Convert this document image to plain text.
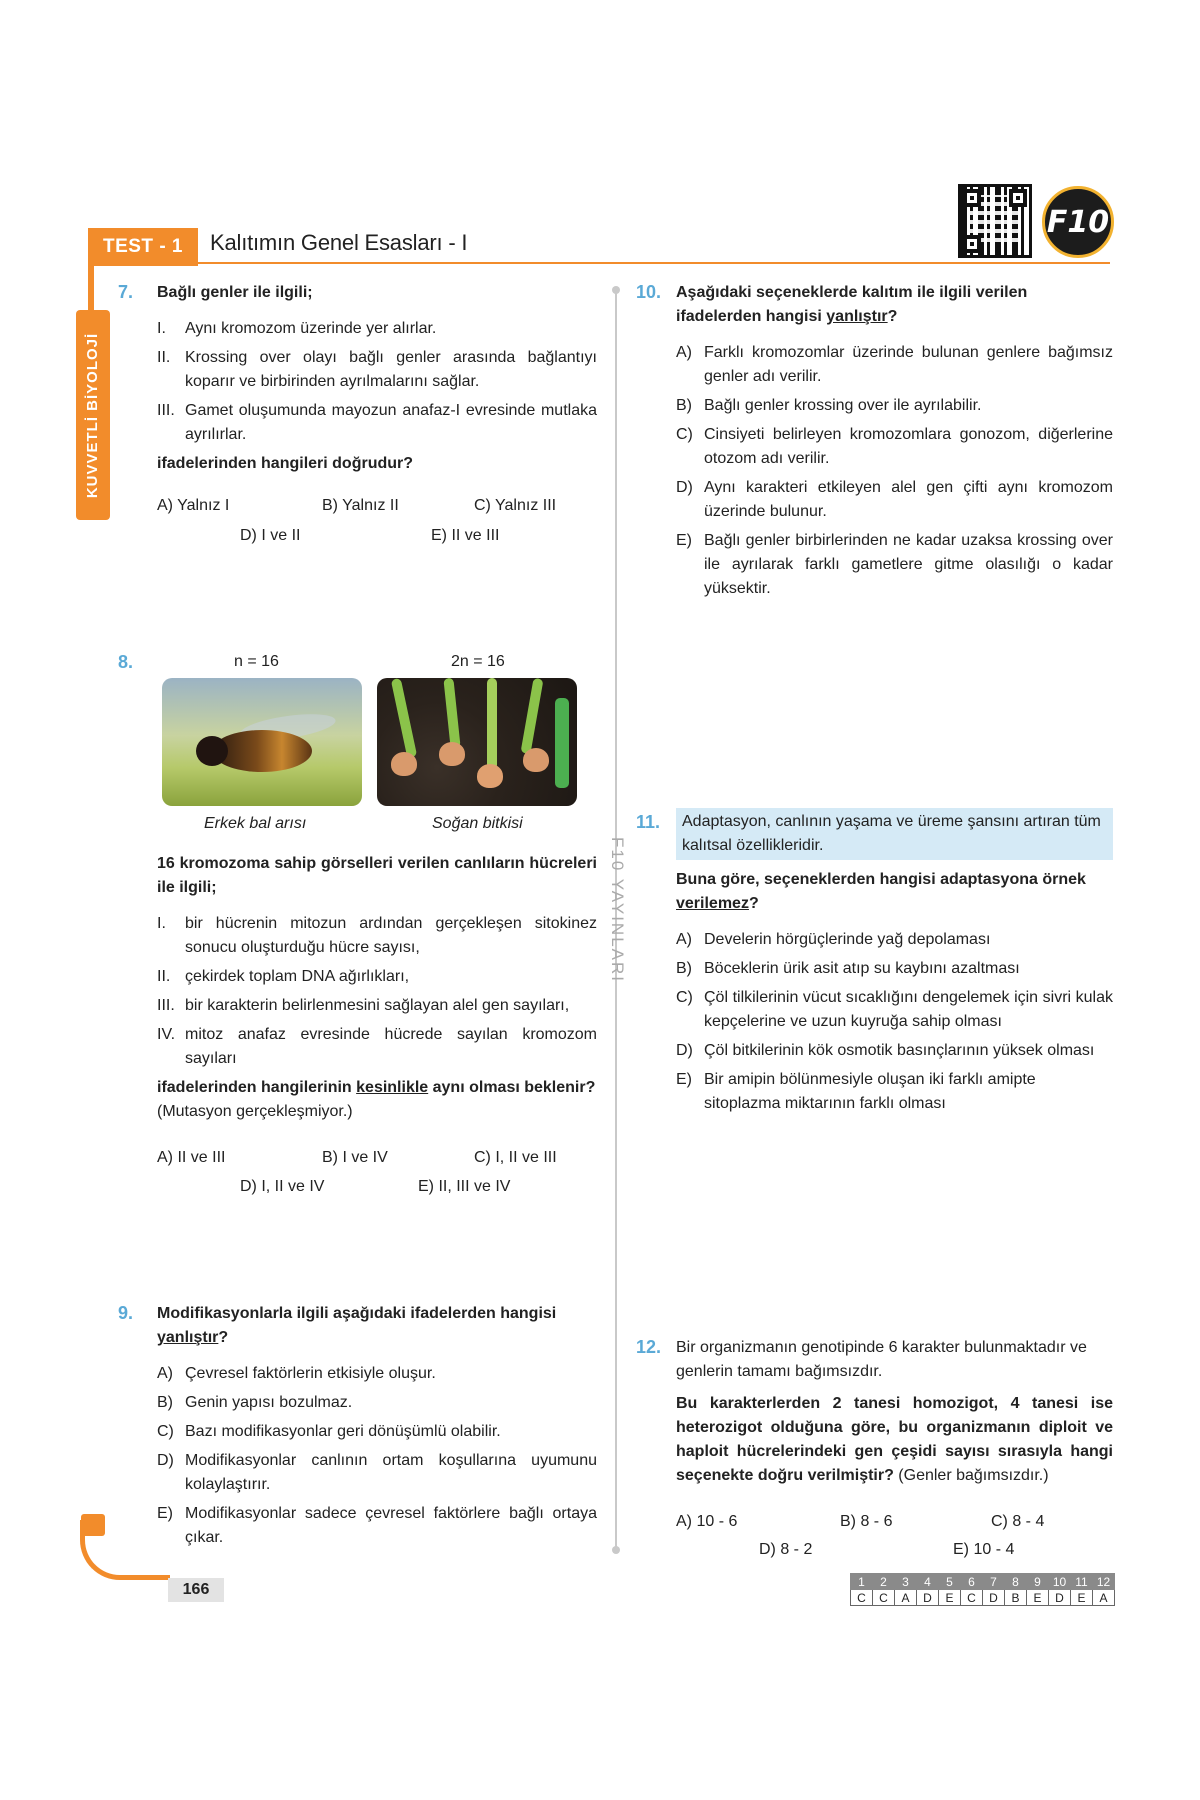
TEST - 1	Kalıtımın Genel Esasları - I
KUVVETLİ BİYOLOJİ
F10
F10 YAYINLARI
7. Bağlı genler ile ilgili;
I.	Aynı kromozom üzerinde yer alırlar.
II. Krossing over olayı bağlı genler arasında bağlantıyı koparır ve birbirinden ayrılmalarını sağlar.
III. Gamet oluşumunda mayozun anafaz-I evresinde mutlaka ayrılırlar.
ifadelerinden hangileri doğrudur?
A) Yalnız I	B) Yalnız II	C) Yalnız III
D) I ve II	E) II ve III
8.	n = 16	2n = 16
Erkek bal arısı	Soğan bitkisi
16 kromozoma sahip görselleri verilen canlıların hücreleri ile ilgili;
I.	bir hücrenin mitozun ardından gerçekleşen sitokinez sonucu oluşturduğu hücre sayısı,
II. çekirdek toplam DNA ağırlıkları,
III. bir karakterin belirlenmesini sağlayan alel gen sayıları,
IV. mitoz anafaz evresinde hücrede sayılan kromozom sayıları
ifadelerinden hangilerinin kesinlikle aynı olması beklenir? (Mutasyon gerçekleşmiyor.)
A) II ve III	B) I ve IV	C) I, II ve III
D) I, II ve IV	E) II, III ve IV
9. Modifikasyonlarla ilgili aşağıdaki ifadelerden hangisi yanlıştır?
A) Çevresel faktörlerin etkisiyle oluşur.
B) Genin yapısı bozulmaz.
C) Bazı modifikasyonlar geri dönüşümlü olabilir.
D) Modifikasyonlar canlının ortam koşullarına uyumunu kolaylaştırır.
E) Modifikasyonlar sadece çevresel faktörlere bağlı ortaya çıkar.
10. Aşağıdaki seçeneklerde kalıtım ile ilgili verilen ifadelerden hangisi yanlıştır?
A) Farklı kromozomlar üzerinde bulunan genlere bağımsız genler adı verilir.
B) Bağlı genler krossing over ile ayrılabilir.
C) Cinsiyeti belirleyen kromozomlara gonozom, diğerlerine otozom adı verilir.
D) Aynı karakteri etkileyen alel gen çifti aynı kromozom üzerinde bulunur.
E) Bağlı genler birbirlerinden ne kadar uzaksa krossing over ile ayrılarak farklı gametlere gitme olasılığı o kadar yüksektir.
11.	Adaptasyon, canlının yaşama ve üreme şansını artıran tüm kalıtsal özellikleridir.
Buna göre, seçeneklerden hangisi adaptasyona örnek verilemez?
A) Develerin hörgüçlerinde yağ depolaması
B) Böceklerin ürik asit atıp su kaybını azaltması
C) Çöl tilkilerinin vücut sıcaklığını dengelemek için sivri kulak kepçelerine ve uzun kuyruğa sahip olması
D) Çöl bitkilerinin kök osmotik basınçlarının yüksek olması
E) Bir amipin bölünmesiyle oluşan iki farklı amipte sitoplazma miktarının farklı olması
12. Bir organizmanın genotipinde 6 karakter bulunmaktadır ve genlerin tamamı bağımsızdır.
Bu karakterlerden 2 tanesi homozigot, 4 tanesi ise heterozigot olduğuna göre, bu organizmanın diploit ve haploit hücrelerindeki gen çeşidi sayısı sırasıyla hangi seçenekte doğru verilmiştir? (Genler bağımsızdır.)
A) 10 - 6	B) 8 - 6	C) 8 - 4
D) 8 - 2	E) 10 - 4
166	1	2	3	4	5	6	7	8	9	10	11	12
C	C	A	D	E	C	D	B	E	D	E	A
